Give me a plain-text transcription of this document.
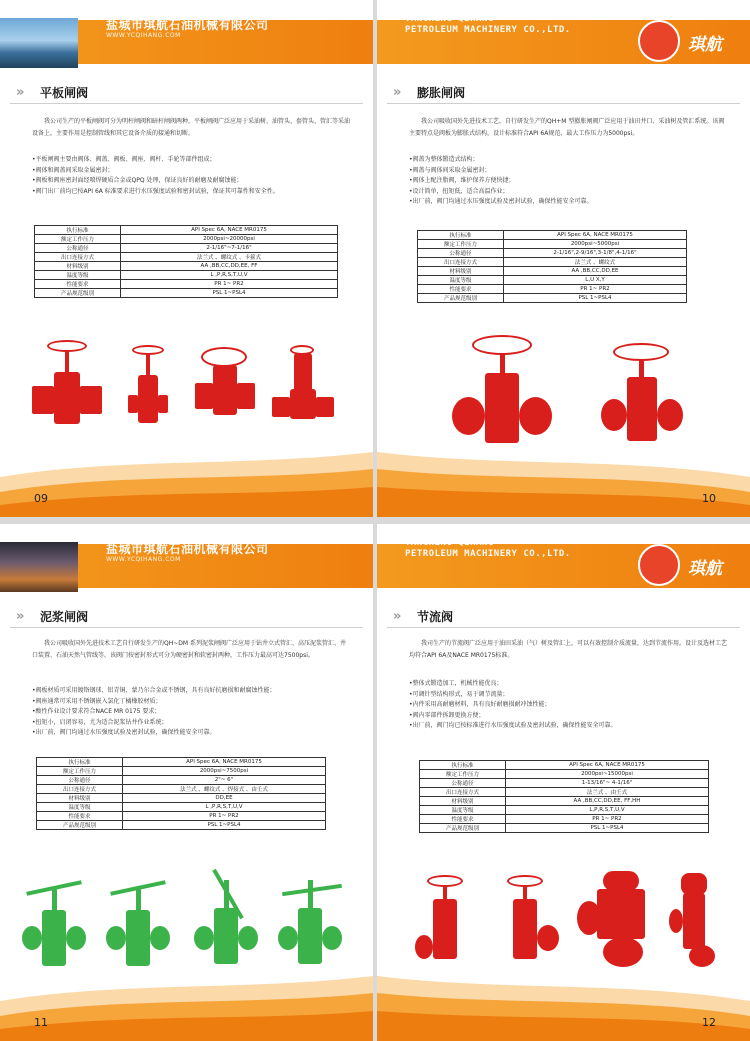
盐城市琪航石油机械有限公司
WWW.YCQIHANG.COM
» 平板闸阀

我公司生产的平板闸阀可分为明杆闸阀和暗杆闸阀两种，平板闸阀广泛应用于采油树、油管头、套管头、管汇等采油设备上，主要作用是控制管线和其它设备介质的接通和切断。

•平板闸阀主要由阀体、阀盖、阀板、阀座、阀杆、手轮等部件组成；
•阀体和阀盖间采取金属密封；
•阀板和阀座密封面经喷焊硬质合金或QPQ 处理，保证良好的耐磨及耐腐蚀能；
•阀门出厂前均已按API 6A 标准要求进行水压强度试验和密封试验，保证其可靠性和安全性。
执行标准	API Spec 6A, NACE MR0175
额定工作压力	2000psi~20000psi
公称通径	2-1/16"~7-1/16"
出口连接方式	法兰式 、螺纹式 、卡箍式
材料级别	AA ,BB,CC,DD,EE, FF
温度等级	L ,P,R,S,T,U,V
性能要求	PR 1~ PR2
产品规范级别	PSL 1~PSL4
09
YANCHENG QIHANG
PETROLEUM MACHINERY CO.,LTD.
琪航
» 膨胀闸阀

我公司吸收国外先进技术工艺，自行研发生产的QH+M 型膨胀闸阀广泛应用于油田井口、采油树及管汇系统。该阀主要特点是阀板为膨胀式结构，设计标准符合API 6A规范，最大工作压力为5000psi。

•阀盖为整体锻造式结构；
•阀盖与阀体间采取金属密封；
•阀体上配注脂阀，维护保养方便快捷；
•设计简单，扭矩低，适合高温作业；
•出厂前，阀门均通过水压强度试验及密封试验，确保性能安全可靠。
执行标准	API Spec 6A, NACE MR0175
额定工作压力	2000psi~5000psi
公称通径	2-1/16",2-9/16",3-1/8",4-1/16"
出口连接方式	法兰式 、螺纹式
材料级别	AA ,BB,CC,DD,EE
温度等级	L,U X,Y
性能要求	PR 1~ PR2
产品规范级别	PSL 1~PSL4
10
盐城市琪航石油机械有限公司
WWW.YCQIHANG.COM
» 泥浆闸阀

我公司吸收国外先进技术工艺自行研发生产的QH~DM 系列泥浆闸阀广泛应用于钻井立式管汇、高压泥浆管汇、井口装置、石油天然气管线等。该阀门按密封形式可分为硬密封和软密封两种，工作压力最高可达7500psi。

•阀板材质可采用镀铬钢球、铝青铜、蒙乃尔合金或不锈钢，具有良好抗磨损和耐腐蚀性能；
•阀座通常可采用不锈钢嵌入氯化丁橘橡胶材质；
•酸性作业设计要求符合NACE MR 0175 要求；
•扭矩小，启闭容易，尤为适合泥浆钻井作业系统；
•出厂前，阀门均通过水压强度试验及密封试验，确保性能安全可靠。
执行标准	API Spec 6A, NACE MR0175
额定工作压力	2000psi~7500psi
公称通径	2"~ 6"
出口连接方式	法兰式 、螺纹式 、焊接式 、由壬式
材料级别	DD,EE
温度等级	L ,P,R,S,T,U,V
性能要求	PR 1~ PR2
产品规范级别	PSL 1~PSL4
11
YANCHENG QIHANG
PETROLEUM MACHINERY CO.,LTD.
琪航
» 节流阀

我司生产的节流阀广泛应用于油田采油（气）树及管汇上，可以有效控制介质流量，达到节流作用。设计及选材工艺均符合API 6A及NACE MR0175标准。

•整体式锻造加工，机械性能优良；
•可调针型结构形式，易于调节流量；
•内件采用高耐磨材料，具有良好耐磨损耐冲蚀性能；
•阀内零部件拆卸更换方便；
•出厂前，阀门均已按标准进行水压强度试验及密封试验，确保性能安全可靠。
执行标准	API Spec 6A, NACE MR0175
额定工作压力	2000psi~15000psi
公称通径	1-13/16"~ 4-1/16"
出口连接方式	法兰式 、由壬式
材料级别	AA ,BB,CC,DD,EE, FF,HH
温度等级	L,P,R,S,T,U,V
性能要求	PR 1~ PR2
产品规范级别	PSL 1~PSL4
12
